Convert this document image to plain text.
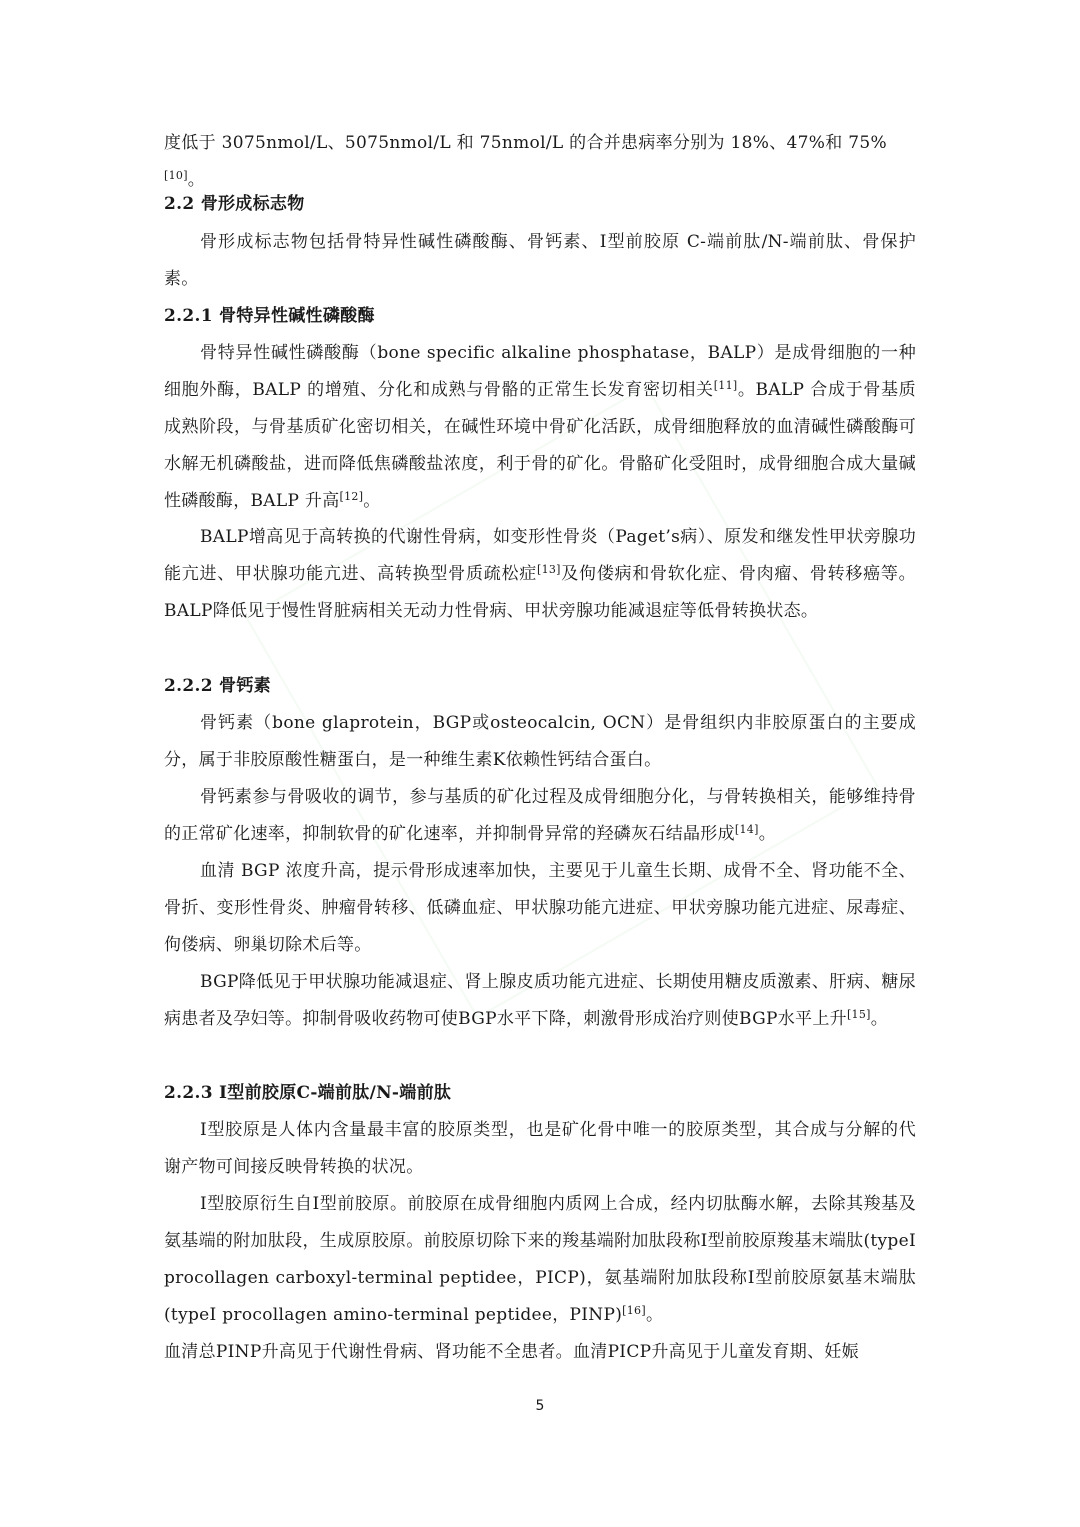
度低于 3075nmol/L、5075nmol/L 和 75nmol/L 的合并患病率分别为 18%、47%和 75%[10]。

2.2 骨形成标志物

骨形成标志物包括骨特异性碱性磷酸酶、骨钙素、Ⅰ型前胶原 C-端前肽/N-端前肽、骨保护素。

2.2.1 骨特异性碱性磷酸酶

骨特异性碱性磷酸酶（bone specific alkaline phosphatase，BALP）是成骨细胞的一种细胞外酶，BALP 的增殖、分化和成熟与骨骼的正常生长发育密切相关[11]。BALP 合成于骨基质成熟阶段，与骨基质矿化密切相关，在碱性环境中骨矿化活跃，成骨细胞释放的血清碱性磷酸酶可水解无机磷酸盐，进而降低焦磷酸盐浓度，利于骨的矿化。骨骼矿化受阻时，成骨细胞合成大量碱性磷酸酶，BALP 升高[12]。

BALP增高见于高转换的代谢性骨病，如变形性骨炎（Paget’s病）、原发和继发性甲状旁腺功能亢进、甲状腺功能亢进、高转换型骨质疏松症[13]及佝偻病和骨软化症、骨肉瘤、骨转移癌等。BALP降低见于慢性肾脏病相关无动力性骨病、甲状旁腺功能减退症等低骨转换状态。

2.2.2 骨钙素

骨钙素（bone glaprotein，BGP或osteocalcin, OCN）是骨组织内非胶原蛋白的主要成分，属于非胶原酸性糖蛋白，是一种维生素K依赖性钙结合蛋白。

骨钙素参与骨吸收的调节，参与基质的矿化过程及成骨细胞分化，与骨转换相关，能够维持骨的正常矿化速率，抑制软骨的矿化速率，并抑制骨异常的羟磷灰石结晶形成[14]。

血清 BGP 浓度升高，提示骨形成速率加快，主要见于儿童生长期、成骨不全、肾功能不全、骨折、变形性骨炎、肿瘤骨转移、低磷血症、甲状腺功能亢进症、甲状旁腺功能亢进症、尿毒症、佝偻病、卵巢切除术后等。

BGP降低见于甲状腺功能减退症、肾上腺皮质功能亢进症、长期使用糖皮质激素、肝病、糖尿病患者及孕妇等。抑制骨吸收药物可使BGP水平下降，刺激骨形成治疗则使BGP水平上升[15]。

2.2.3 Ⅰ型前胶原C-端前肽/N-端前肽

I型胶原是人体内含量最丰富的胶原类型，也是矿化骨中唯一的胶原类型，其合成与分解的代谢产物可间接反映骨转换的状况。

Ⅰ型胶原衍生自I型前胶原。前胶原在成骨细胞内质网上合成，经内切肽酶水解，去除其羧基及氨基端的附加肽段，生成原胶原。前胶原切除下来的羧基端附加肽段称I型前胶原羧基末端肽(typeⅠ procollagen carboxyl-terminal peptidee，PICP)，氨基端附加肽段称I型前胶原氨基末端肽(typeⅠ procollagen amino-terminal peptidee，PINP)[16]。

血清总PINP升高见于代谢性骨病、肾功能不全患者。血清PICP升高见于儿童发育期、妊娠

5
